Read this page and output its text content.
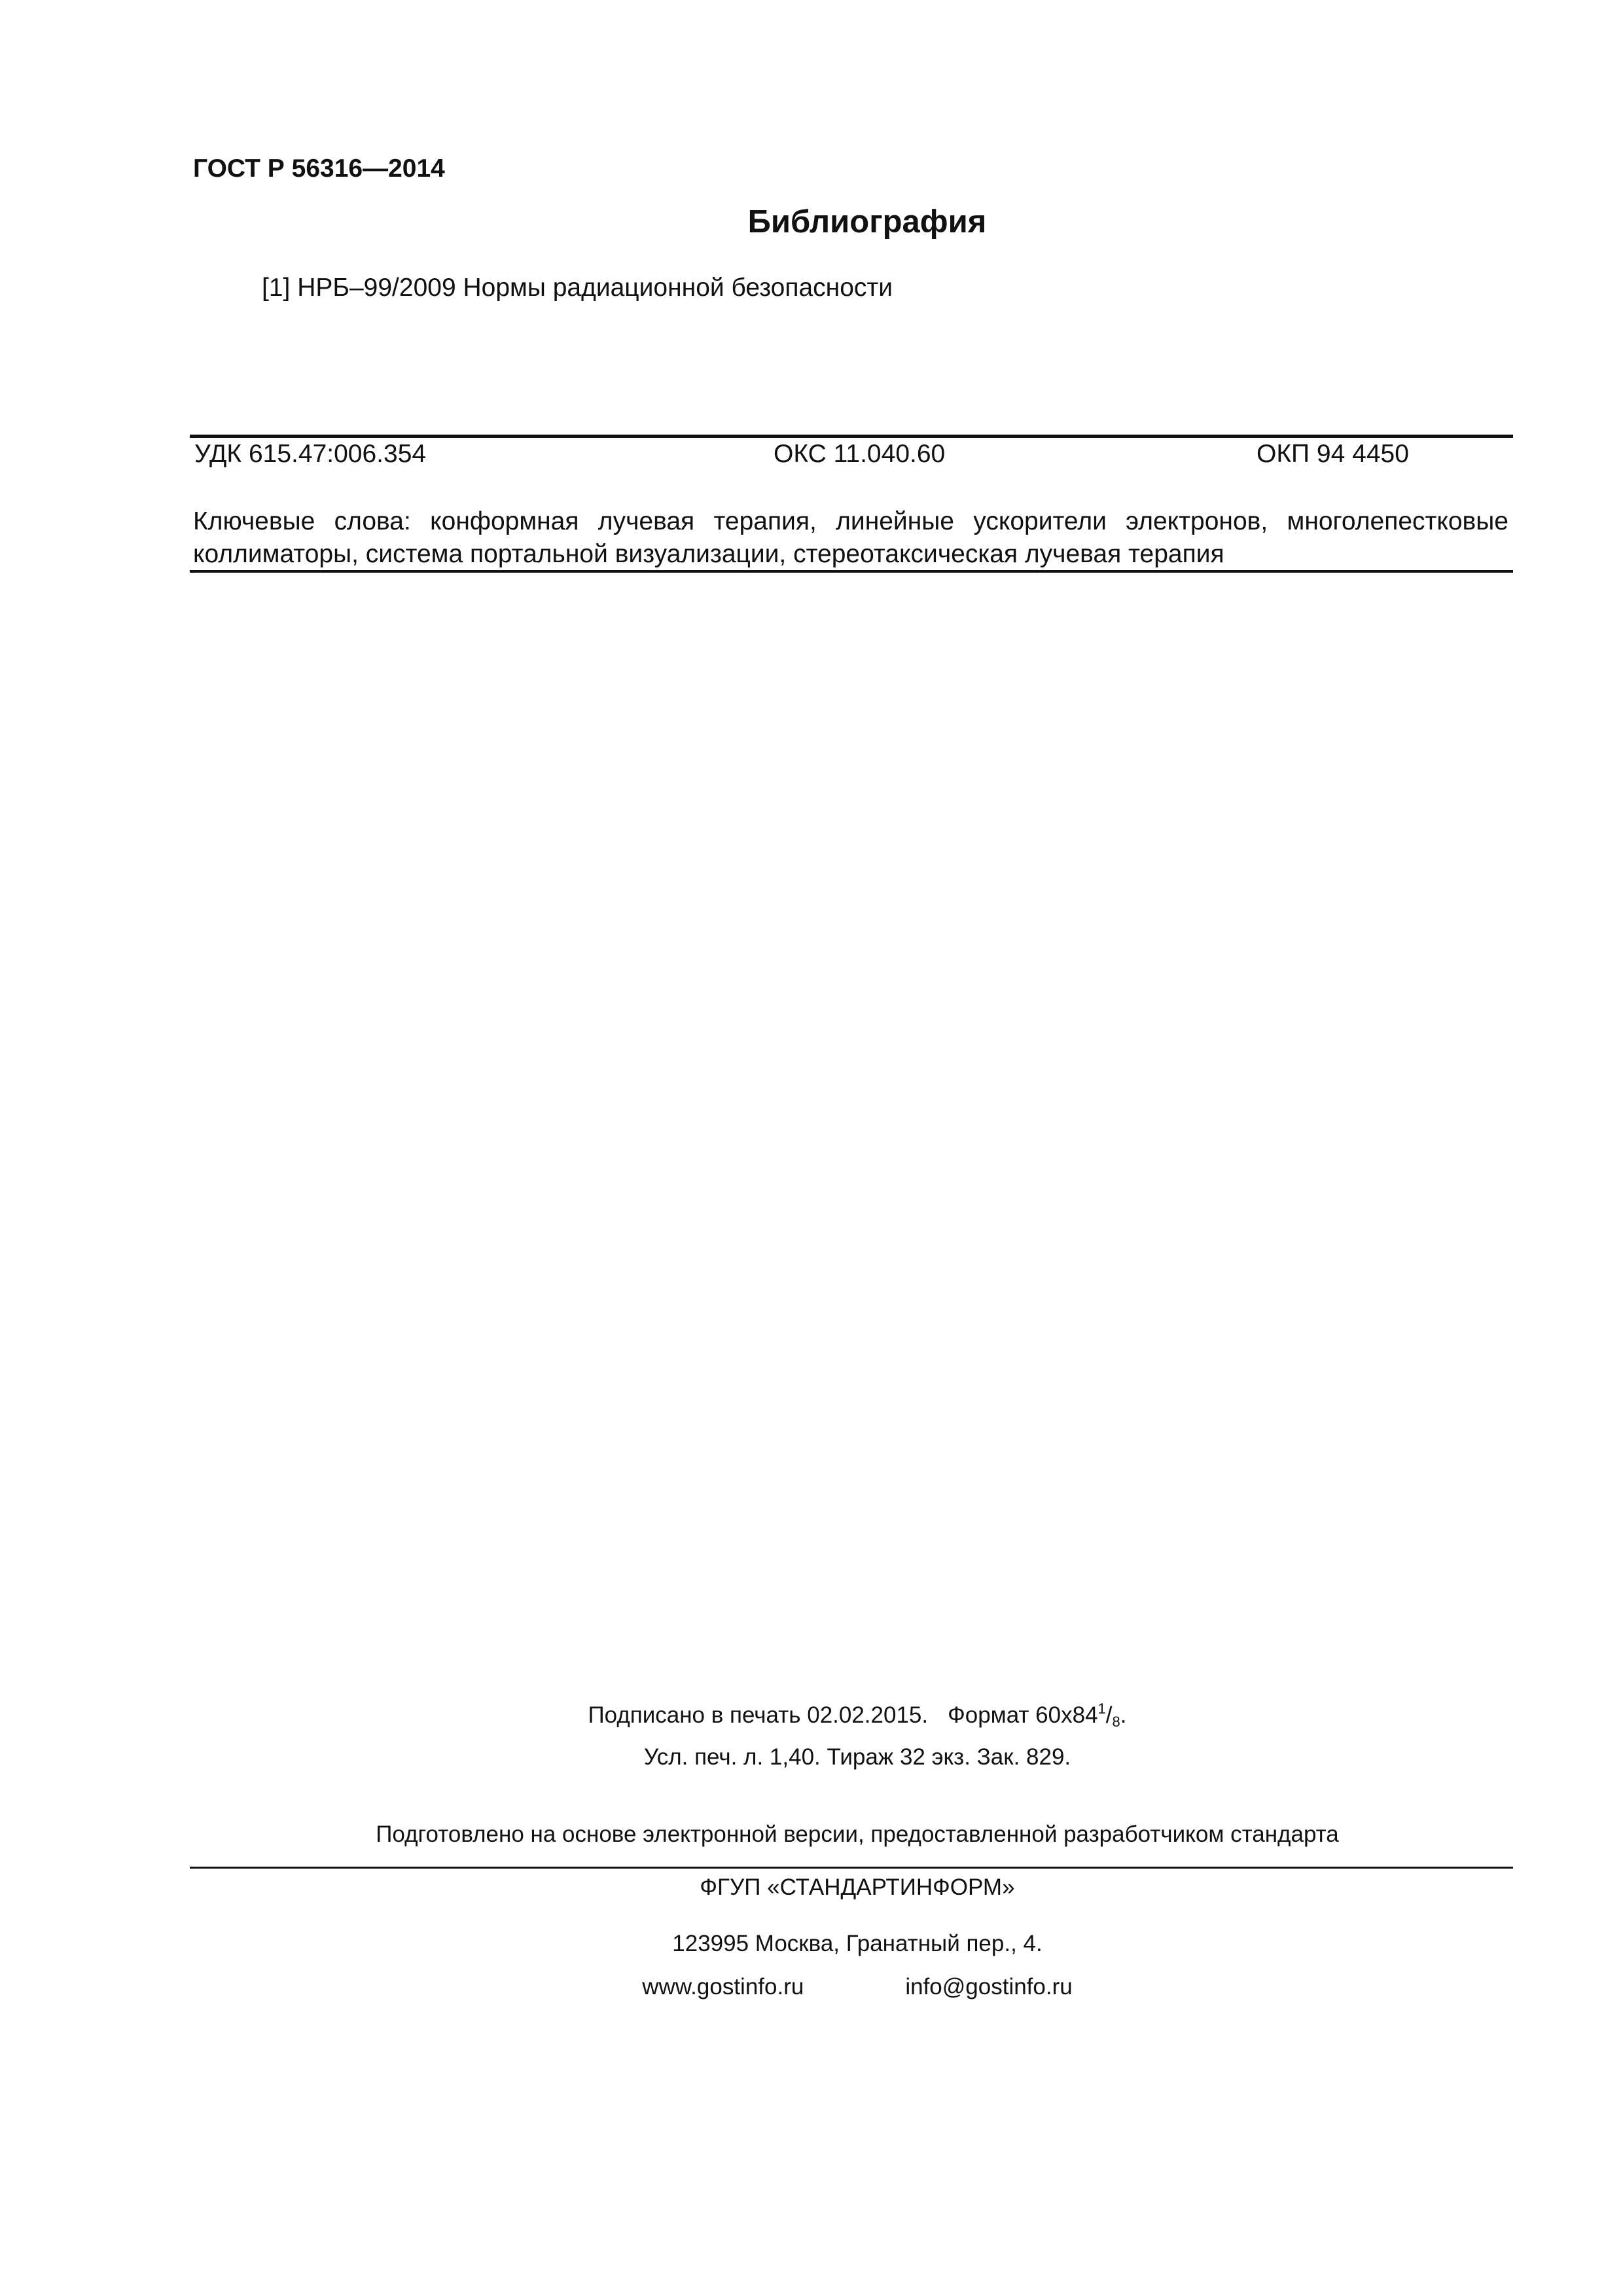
ГОСТ Р 56316—2014
Библиография
[1] НРБ–99/2009 Нормы радиационной безопасности
УДК 615.47:006.354	ОКС 11.040.60	ОКП 94 4450
Ключевые слова: конформная лучевая терапия, линейные ускорители электронов, многолепестковые коллиматоры, система портальной визуализации, стереотаксическая лучевая терапия
Подписано в печать 02.02.2015. Формат $60x84^1/_8$.
Усл. печ. л. 1,40. Тираж 32 экз. Зак. 829.
Подготовлено на основе электронной версии, предоставленной разработчиком стандарта
ФГУП «СТАНДАРТИНФОРМ»
123995 Москва, Гранатный пер., 4.
www.gostinfo.ru	info@gostinfo.ru
